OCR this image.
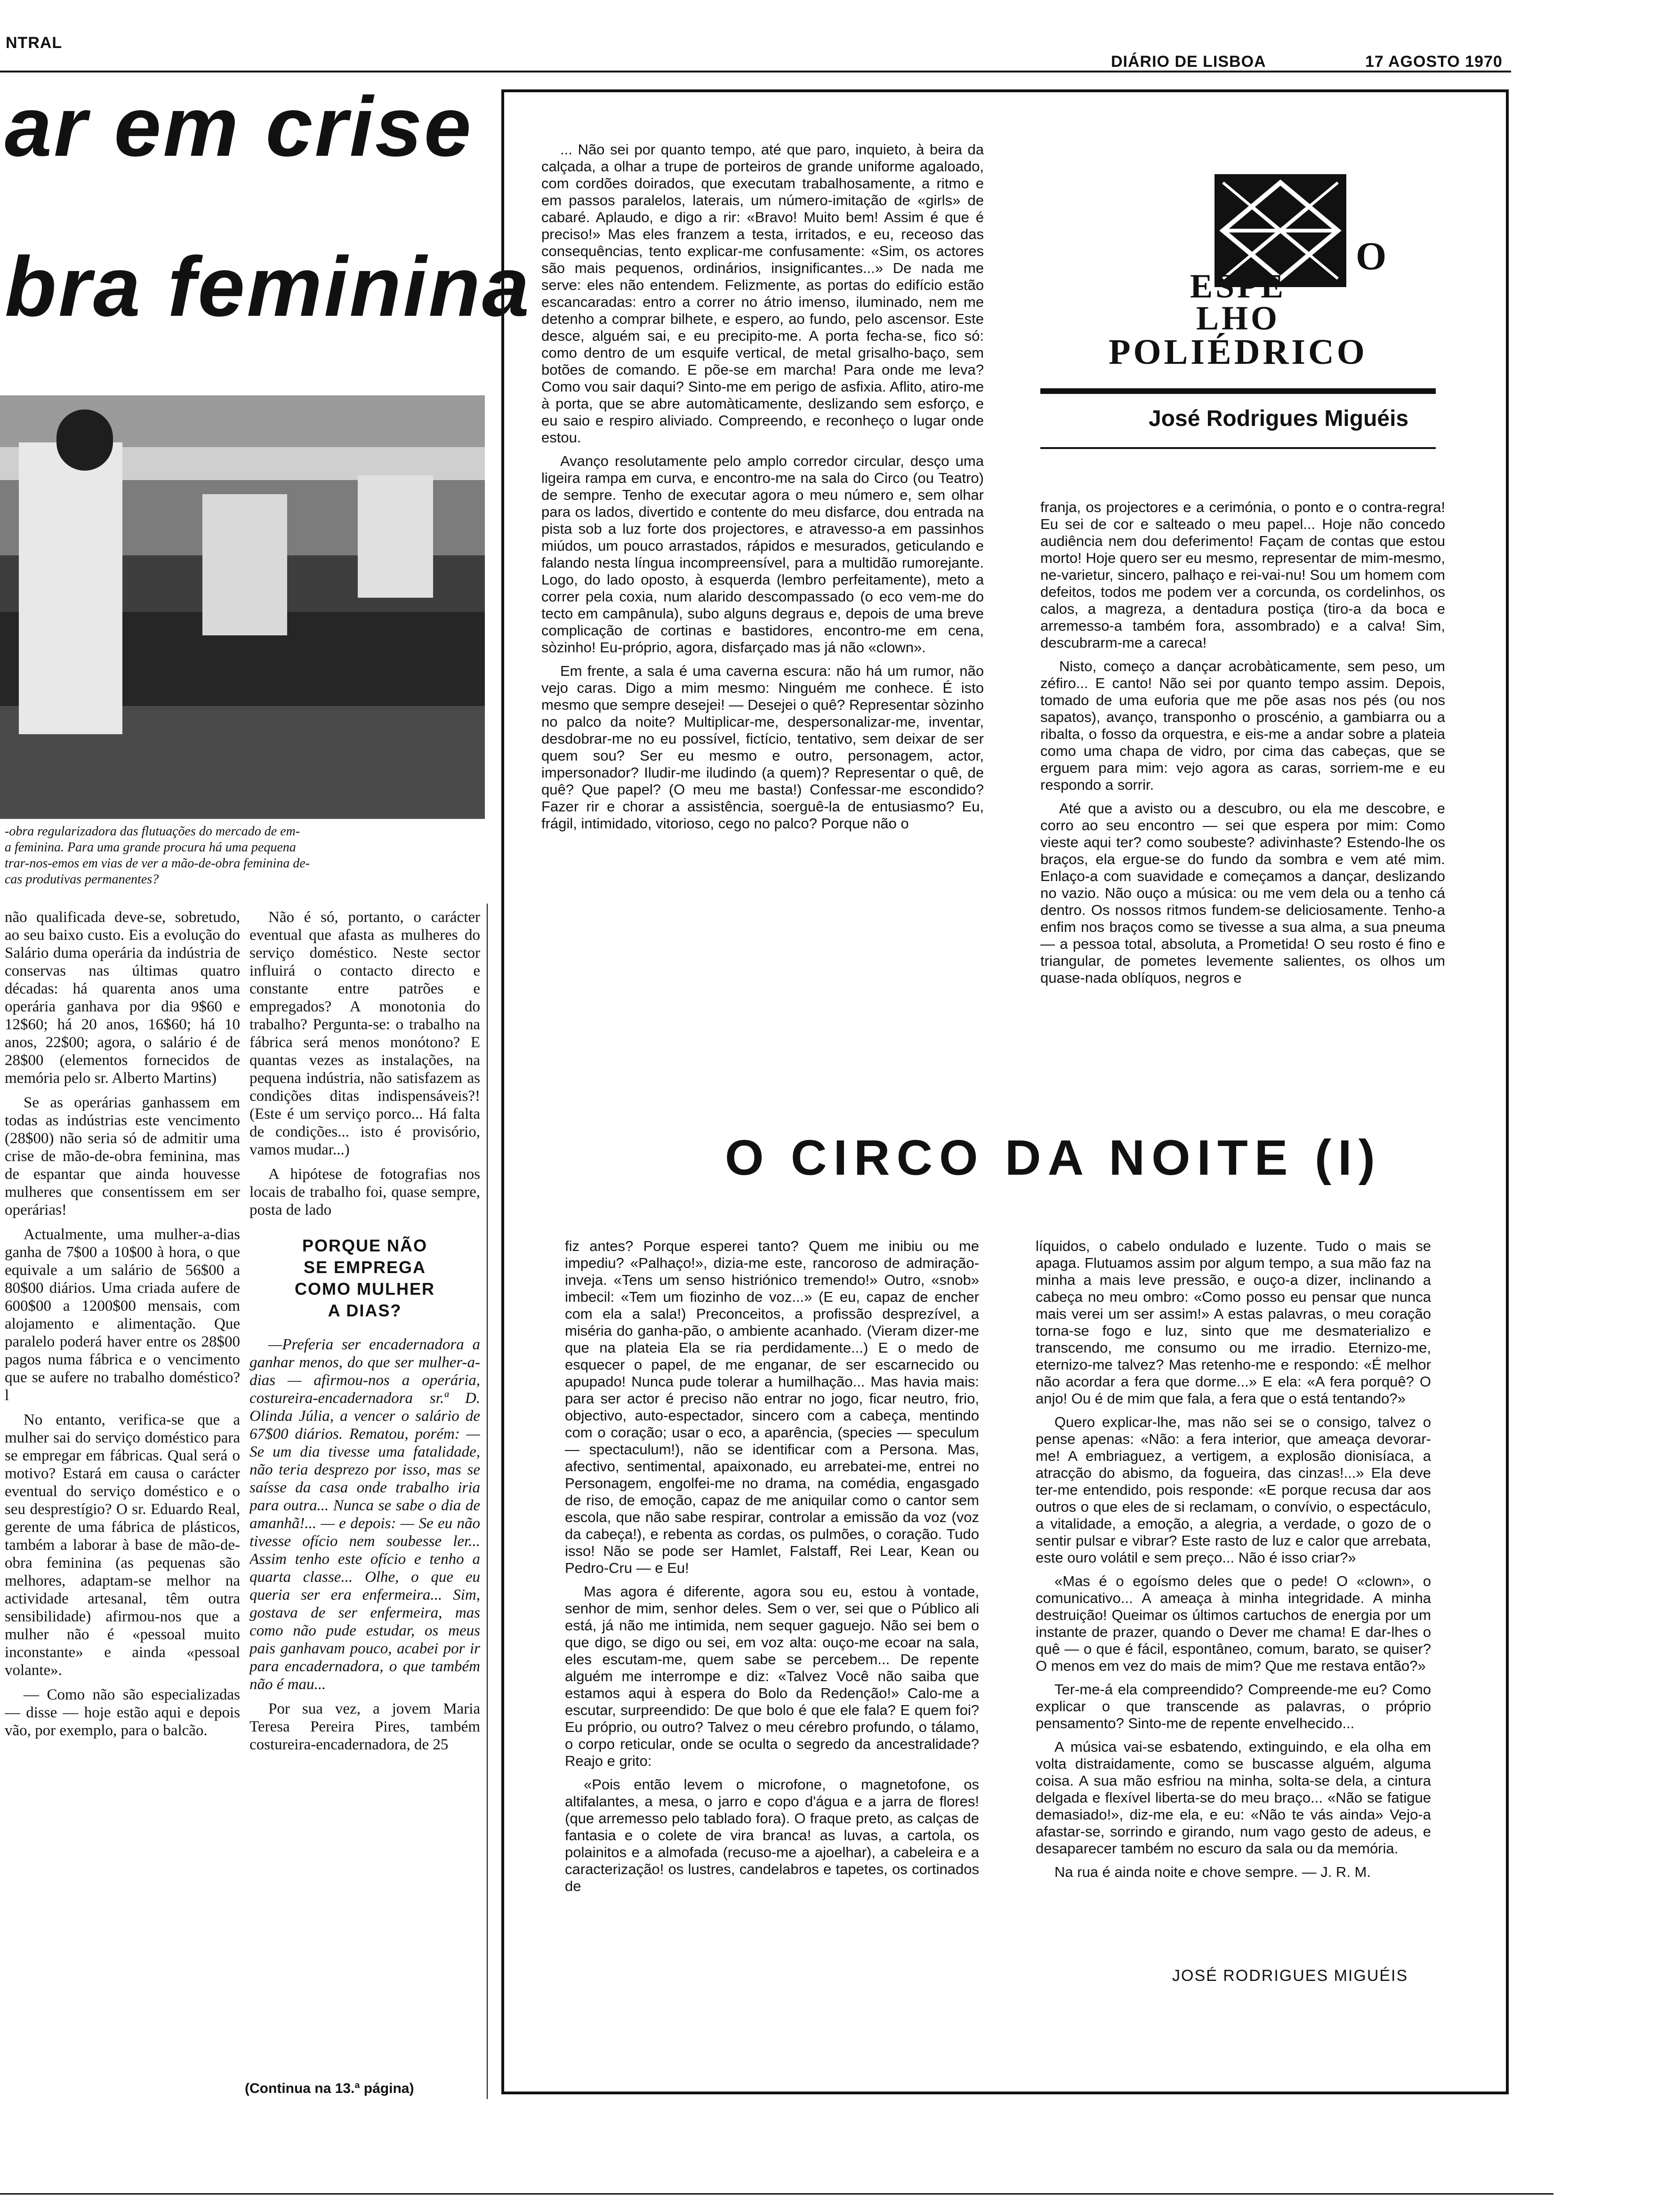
NTRAL
DIÁRIO DE LISBOA	17 AGOSTO 1970
ar em crise
bra feminina
-obra regularizadora das flutuações do mercado de em-
a feminina. Para uma grande procura há uma pequena
trar-nos-emos em vias de ver a mão-de-obra feminina de-
cas produtivas permanentes?

não qualificada deve-se, sobretudo, ao seu baixo custo. Eis a evolução do Salário duma operária da indústria de conservas nas últimas quatro décadas: há quarenta anos uma operária ganhava por dia 9$60 e 12$60; há 20 anos, 16$60; há 10 anos, 22$00; agora, o salário é de 28$00 (elementos fornecidos de memória pelo sr. Alberto Martins)

Se as operárias ganhassem em todas as indústrias este vencimento (28$00) não seria só de admitir uma crise de mão-de-obra feminina, mas de espantar que ainda houvesse mulheres que consentissem em ser operárias!

Actualmente, uma mulher-a-dias ganha de 7$00 a 10$00 à hora, o que equivale a um salário de 56$00 a 80$00 diários. Uma criada aufere de 600$00 a 1200$00 mensais, com alojamento e alimentação. Que paralelo poderá haver entre os 28$00 pagos numa fábrica e o vencimento que se aufere no trabalho doméstico? l

No entanto, verifica-se que a mulher sai do serviço doméstico para se empregar em fábricas. Qual será o motivo? Estará em causa o carácter eventual do serviço doméstico e o seu desprestígio? O sr. Eduardo Real, gerente de uma fábrica de plásticos, também a laborar à base de mão-de-obra feminina (as pequenas são melhores, adaptam-se melhor na actividade artesanal, têm outra sensibilidade) afirmou-nos que a mulher não é «pessoal muito inconstante» e ainda «pessoal volante».

— Como não são especializadas — disse — hoje estão aqui e depois vão, por exemplo, para o balcão.

Não é só, portanto, o carácter eventual que afasta as mulheres do serviço doméstico. Neste sector influirá o contacto directo e constante entre patrões e empregados? A monotonia do trabalho? Pergunta-se: o trabalho na fábrica será menos monótono? E quantas vezes as instalações, na pequena indústria, não satisfazem as condições ditas indispensáveis?! (Este é um serviço porco... Há falta de condições... isto é provisório, vamos mudar...)

A hipótese de fotografias nos locais de trabalho foi, quase sempre, posta de lado

PORQUE NÃO
SE EMPREGA
COMO MULHER
A DIAS?

—Preferia ser encadernadora a ganhar menos, do que ser mulher-a-dias — afirmou-nos a operária, costureira-encadernadora sr.ª D. Olinda Júlia, a vencer o salário de 67$00 diários. Rematou, porém: — Se um dia tivesse uma fatalidade, não teria desprezo por isso, mas se saísse da casa onde trabalho iria para outra... Nunca se sabe o dia de amanhã!... — e depois: — Se eu não tivesse ofício nem soubesse ler... Assim tenho este ofício e tenho a quarta classe... Olhe, o que eu queria ser era enfermeira... Sim, gostava de ser enfermeira, mas como não pude estudar, os meus pais ganhavam pouco, acabei por ir para encadernadora, o que também não é mau...

Por sua vez, a jovem Maria Teresa Pereira Pires, também costureira-encadernadora, de 25

(Continua na 13.ª página)

... Não sei por quanto tempo, até que paro, inquieto, à beira da calçada, a olhar a trupe de porteiros de grande uniforme agaloado, com cordões doirados, que executam trabalhosamente, a ritmo e em passos paralelos, laterais, um número-imitação de «girls» de cabaré. Aplaudo, e digo a rir: «Bravo! Muito bem! Assim é que é preciso!» Mas eles franzem a testa, irritados, e eu, receoso das consequências, tento explicar-me confusamente: «Sim, os actores são mais pequenos, ordinários, insignificantes...» De nada me serve: eles não entendem. Felizmente, as portas do edifício estão escancaradas: entro a correr no átrio imenso, iluminado, nem me detenho a comprar bilhete, e espero, ao fundo, pelo ascensor. Este desce, alguém sai, e eu precipito-me. A porta fecha-se, fico só: como dentro de um esquife vertical, de metal grisalho-baço, sem botões de comando. E põe-se em marcha! Para onde me leva? Como vou sair daqui? Sinto-me em perigo de asfixia. Aflito, atiro-me à porta, que se abre automàticamente, deslizando sem esforço, e eu saio e respiro aliviado. Compreendo, e reconheço o lugar onde estou.

Avanço resolutamente pelo amplo corredor circular, desço uma ligeira rampa em curva, e encontro-me na sala do Circo (ou Teatro) de sempre. Tenho de executar agora o meu número e, sem olhar para os lados, divertido e contente do meu disfarce, dou entrada na pista sob a luz forte dos projectores, e atravesso-a em passinhos miúdos, um pouco arrastados, rápidos e mesurados, geticulando e falando nesta língua incompreensível, para a multidão rumorejante. Logo, do lado oposto, à esquerda (lembro perfeitamente), meto a correr pela coxia, num alarido descompassado (o eco vem-me do tecto em campânula), subo alguns degraus e, depois de uma breve complicação de cortinas e bastidores, encontro-me em cena, sòzinho! Eu-próprio, agora, disfarçado mas já não «clown».

Em frente, a sala é uma caverna escura: não há um rumor, não vejo caras. Digo a mim mesmo: Ninguém me conhece. É isto mesmo que sempre desejei! — Desejei o quê? Representar sòzinho no palco da noite? Multiplicar-me, despersonalizar-me, inventar, desdobrar-me no eu possível, fictício, tentativo, sem deixar de ser quem sou? Ser eu mesmo e outro, personagem, actor, impersonador? Iludir-me iludindo (a quem)? Representar o quê, de quê? Que papel? (O meu me basta!) Confessar-me escondido? Fazer rir e chorar a assistência, soerguê-la de entusiasmo? Eu, frágil, intimidado, vitorioso, cego no palco? Porque não o

O
ESPE
LHO
POLIÉDRICO
José Rodrigues Miguéis

franja, os projectores e a cerimónia, o ponto e o contra-regra! Eu sei de cor e salteado o meu papel... Hoje não concedo audiência nem dou deferimento! Façam de contas que estou morto! Hoje quero ser eu mesmo, representar de mim-mesmo, ne-varietur, sincero, palhaço e rei-vai-nu! Sou um homem com defeitos, todos me podem ver a corcunda, os cordelinhos, os calos, a magreza, a dentadura postiça (tiro-a da boca e arremesso-a também fora, assombrado) e a calva! Sim, descubrarm-me a careca!

Nisto, começo a dançar acrobàticamente, sem peso, um zéfiro... E canto! Não sei por quanto tempo assim. Depois, tomado de uma euforia que me põe asas nos pés (ou nos sapatos), avanço, transponho o proscénio, a gambiarra ou a ribalta, o fosso da orquestra, e eis-me a andar sobre a plateia como uma chapa de vidro, por cima das cabeças, que se erguem para mim: vejo agora as caras, sorriem-me e eu respondo a sorrir.

Até que a avisto ou a descubro, ou ela me descobre, e corro ao seu encontro — sei que espera por mim: Como vieste aqui ter? como soubeste? adivinhaste? Estendo-lhe os braços, ela ergue-se do fundo da sombra e vem até mim. Enlaço-a com suavidade e começamos a dançar, deslizando no vazio. Não ouço a música: ou me vem dela ou a tenho cá dentro. Os nossos ritmos fundem-se deliciosamente. Tenho-a enfim nos braços como se tivesse a sua alma, a sua pneuma — a pessoa total, absoluta, a Prometida! O seu rosto é fino e triangular, de pometes levemente salientes, os olhos um quase-nada oblíquos, negros e

O CIRCO DA NOITE (I)

fiz antes? Porque esperei tanto? Quem me inibiu ou me impediu? «Palhaço!», dizia-me este, rancoroso de admiração-inveja. «Tens um senso histriónico tremendo!» Outro, «snob» imbecil: «Tem um fiozinho de voz...» (E eu, capaz de encher com ela a sala!) Preconceitos, a profissão desprezível, a miséria do ganha-pão, o ambiente acanhado. (Vieram dizer-me que na plateia Ela se ria perdidamente...) E o medo de esquecer o papel, de me enganar, de ser escarnecido ou apupado! Nunca pude tolerar a humilhação... Mas havia mais: para ser actor é preciso não entrar no jogo, ficar neutro, frio, objectivo, auto-espectador, sincero com a cabeça, mentindo com o coração; usar o eco, a aparência, (species — speculum — spectaculum!), não se identificar com a Persona. Mas, afectivo, sentimental, apaixonado, eu arrebatei-me, entrei no Personagem, engolfei-me no drama, na comédia, engasgado de riso, de emoção, capaz de me aniquilar como o cantor sem escola, que não sabe respirar, controlar a emissão da voz (voz da cabeça!), e rebenta as cordas, os pulmões, o coração. Tudo isso! Não se pode ser Hamlet, Falstaff, Rei Lear, Kean ou Pedro-Cru — e Eu!

Mas agora é diferente, agora sou eu, estou à vontade, senhor de mim, senhor deles. Sem o ver, sei que o Público ali está, já não me intimida, nem sequer gaguejo. Não sei bem o que digo, se digo ou sei, em voz alta: ouço-me ecoar na sala, eles escutam-me, quem sabe se percebem... De repente alguém me interrompe e diz: «Talvez Você não saiba que estamos aqui à espera do Bolo da Redenção!» Calo-me a escutar, surpreendido: De que bolo é que ele fala? E quem foi? Eu próprio, ou outro? Talvez o meu cérebro profundo, o tálamo, o corpo reticular, onde se oculta o segredo da ancestralidade? Reajo e grito:

«Pois então levem o microfone, o magnetofone, os altifalantes, a mesa, o jarro e copo d'água e a jarra de flores! (que arremesso pelo tablado fora). O fraque preto, as calças de fantasia e o colete de vira branca! as luvas, a cartola, os polainitos e a almofada (recuso-me a ajoelhar), a cabeleira e a caracterização! os lustres, candelabros e tapetes, os cortinados de

líquidos, o cabelo ondulado e luzente. Tudo o mais se apaga. Flutuamos assim por algum tempo, a sua mão faz na minha a mais leve pressão, e ouço-a dizer, inclinando a cabeça no meu ombro: «Como posso eu pensar que nunca mais verei um ser assim!» A estas palavras, o meu coração torna-se fogo e luz, sinto que me desmaterializo e transcendo, me consumo ou me irradio. Eternizo-me, eternizo-me talvez? Mas retenho-me e respondo: «É melhor não acordar a fera que dorme...» E ela: «A fera porquê? O anjo! Ou é de mim que fala, a fera que o está tentando?»

Quero explicar-lhe, mas não sei se o consigo, talvez o pense apenas: «Não: a fera interior, que ameaça devorar-me! A embriaguez, a vertigem, a explosão dionisíaca, a atracção do abismo, da fogueira, das cinzas!...» Ela deve ter-me entendido, pois responde: «E porque recusa dar aos outros o que eles de si reclamam, o convívio, o espectáculo, a vitalidade, a emoção, a alegria, a verdade, o gozo de o sentir pulsar e vibrar? Este rasto de luz e calor que arrebata, este ouro volátil e sem preço... Não é isso criar?»

«Mas é o egoísmo deles que o pede! O «clown», o comunicativo... A ameaça à minha integridade. A minha destruição! Queimar os últimos cartuchos de energia por um instante de prazer, quando o Dever me chama! E dar-lhes o quê — o que é fácil, espontâneo, comum, barato, se quiser? O menos em vez do mais de mim? Que me restava então?»

Ter-me-á ela compreendido? Compreende-me eu? Como explicar o que transcende as palavras, o próprio pensamento? Sinto-me de repente envelhecido...

A música vai-se esbatendo, extinguindo, e ela olha em volta distraidamente, como se buscasse alguém, alguma coisa. A sua mão esfriou na minha, solta-se dela, a cintura delgada e flexível liberta-se do meu braço... «Não se fatigue demasiado!», diz-me ela, e eu: «Não te vás ainda» Vejo-a afastar-se, sorrindo e girando, num vago gesto de adeus, e desaparecer também no escuro da sala ou da memória.

Na rua é ainda noite e chove sempre. — J. R. M.

JOSÉ RODRIGUES MIGUÉIS
